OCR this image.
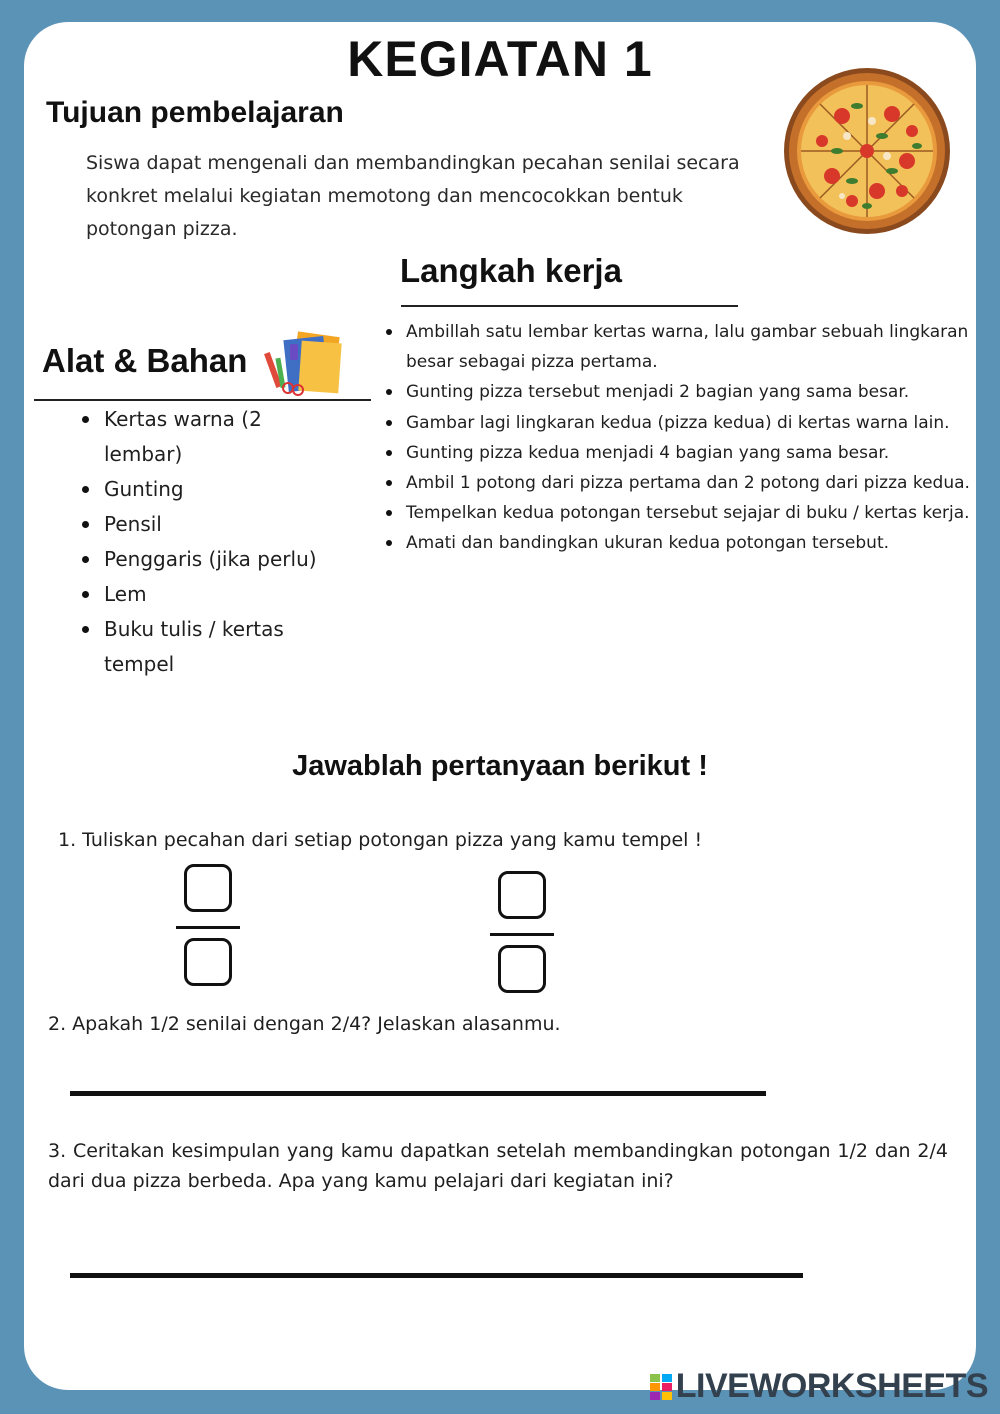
KEGIATAN 1
Tujuan pembelajaran
Siswa dapat mengenali dan membandingkan pecahan senilai secara konkret melalui kegiatan memotong dan mencocokkan bentuk potongan pizza.
Langkah kerja
Ambillah satu lembar kertas warna, lalu gambar sebuah lingkaran besar sebagai pizza pertama.
Gunting pizza tersebut menjadi 2 bagian yang sama besar.
Gambar lagi lingkaran kedua (pizza kedua) di kertas warna lain.
Gunting pizza kedua menjadi 4 bagian yang sama besar.
Ambil 1 potong dari pizza pertama dan 2 potong dari pizza kedua.
Tempelkan kedua potongan tersebut sejajar di buku / kertas kerja.
Amati dan bandingkan ukuran kedua potongan tersebut.
Alat & Bahan
Kertas warna (2 lembar)
Gunting
Pensil
Penggaris (jika perlu)
Lem
Buku tulis / kertas tempel
Jawablah pertanyaan berikut !
1. Tuliskan pecahan dari setiap potongan pizza yang kamu tempel !
2. Apakah 1/2 senilai dengan 2/4? Jelaskan alasanmu.
3. Ceritakan kesimpulan yang kamu dapatkan setelah membandingkan potongan 1/2 dan 2/4 dari dua pizza berbeda. Apa yang kamu pelajari dari kegiatan ini?
LIVEWORKSHEETS
